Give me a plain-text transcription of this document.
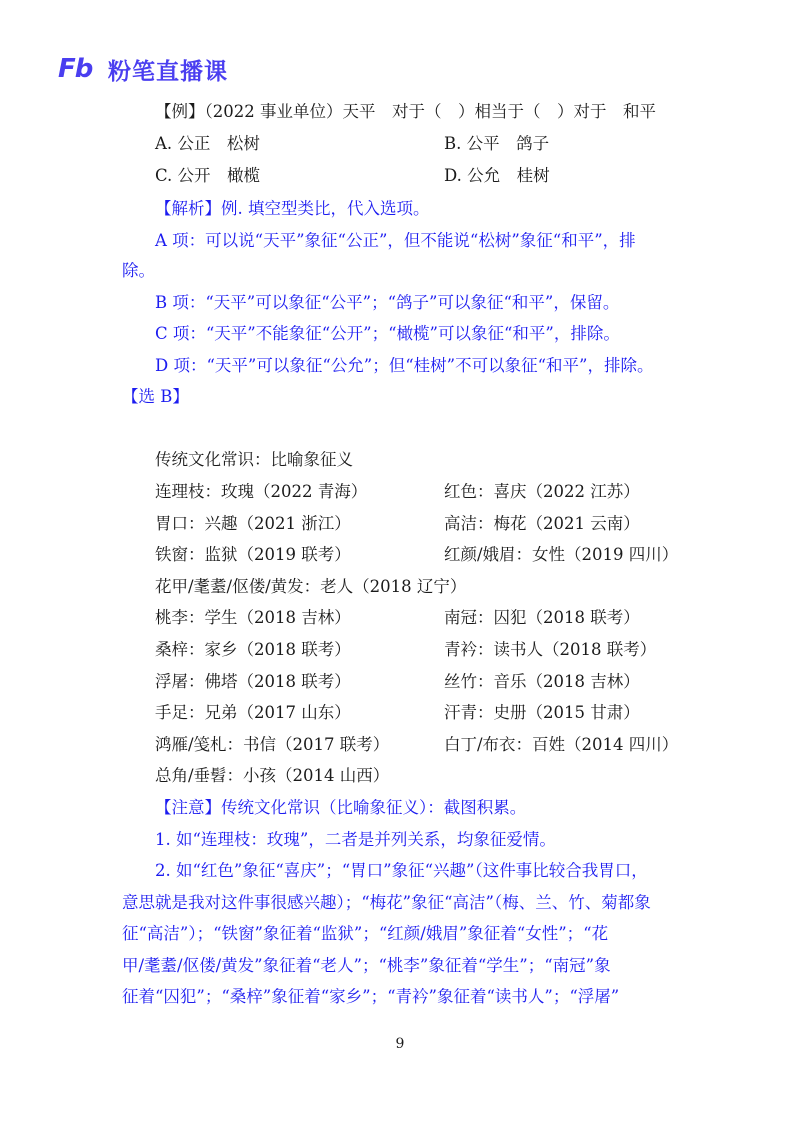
Fb 粉笔直播课
【例】（2022 事业单位）天平　对于（　）相当于（　）对于　和平
A. 公正　松树	B. 公平　鸽子
C. 公开　橄榄	D. 公允　桂树
【解析】例. 填空型类比，代入选项。
A 项：可以说“天平”象征“公正”，但不能说“松树”象征“和平”，排
除。
B 项：“天平”可以象征“公平”；“鸽子”可以象征“和平”，保留。
C 项：“天平”不能象征“公开”；“橄榄”可以象征“和平”，排除。
D 项：“天平”可以象征“公允”；但“桂树”不可以象征“和平”，排除。
【选 B】
传统文化常识：比喻象征义
连理枝：玫瑰（2022 青海）	红色：喜庆（2022 江苏）
胃口：兴趣（2021 浙江）	高洁：梅花（2021 云南）
铁窗：监狱（2019 联考）	红颜/娥眉：女性（2019 四川）
花甲/耄耋/伛偻/黄发：老人（2018 辽宁）
桃李：学生（2018 吉林）	南冠：囚犯（2018 联考）
桑梓：家乡（2018 联考）	青衿：读书人（2018 联考）
浮屠：佛塔（2018 联考）	丝竹：音乐（2018 吉林）
手足：兄弟（2017 山东）	汗青：史册（2015 甘肃）
鸿雁/笺札：书信（2017 联考）	白丁/布衣：百姓（2014 四川）
总角/垂髫：小孩（2014 山西）
【注意】传统文化常识（比喻象征义）：截图积累。
1. 如“连理枝：玫瑰”，二者是并列关系，均象征爱情。
2. 如“红色”象征“喜庆”；“胃口”象征“兴趣”（这件事比较合我胃口，
意思就是我对这件事很感兴趣）；“梅花”象征“高洁”（梅、兰、竹、菊都象
征“高洁”）；“铁窗”象征着“监狱”；“红颜/娥眉”象征着“女性”；“花
甲/耄耋/伛偻/黄发”象征着“老人”；“桃李”象征着“学生”；“南冠”象
征着“囚犯”；“桑梓”象征着“家乡”；“青衿”象征着“读书人”；“浮屠”
9
